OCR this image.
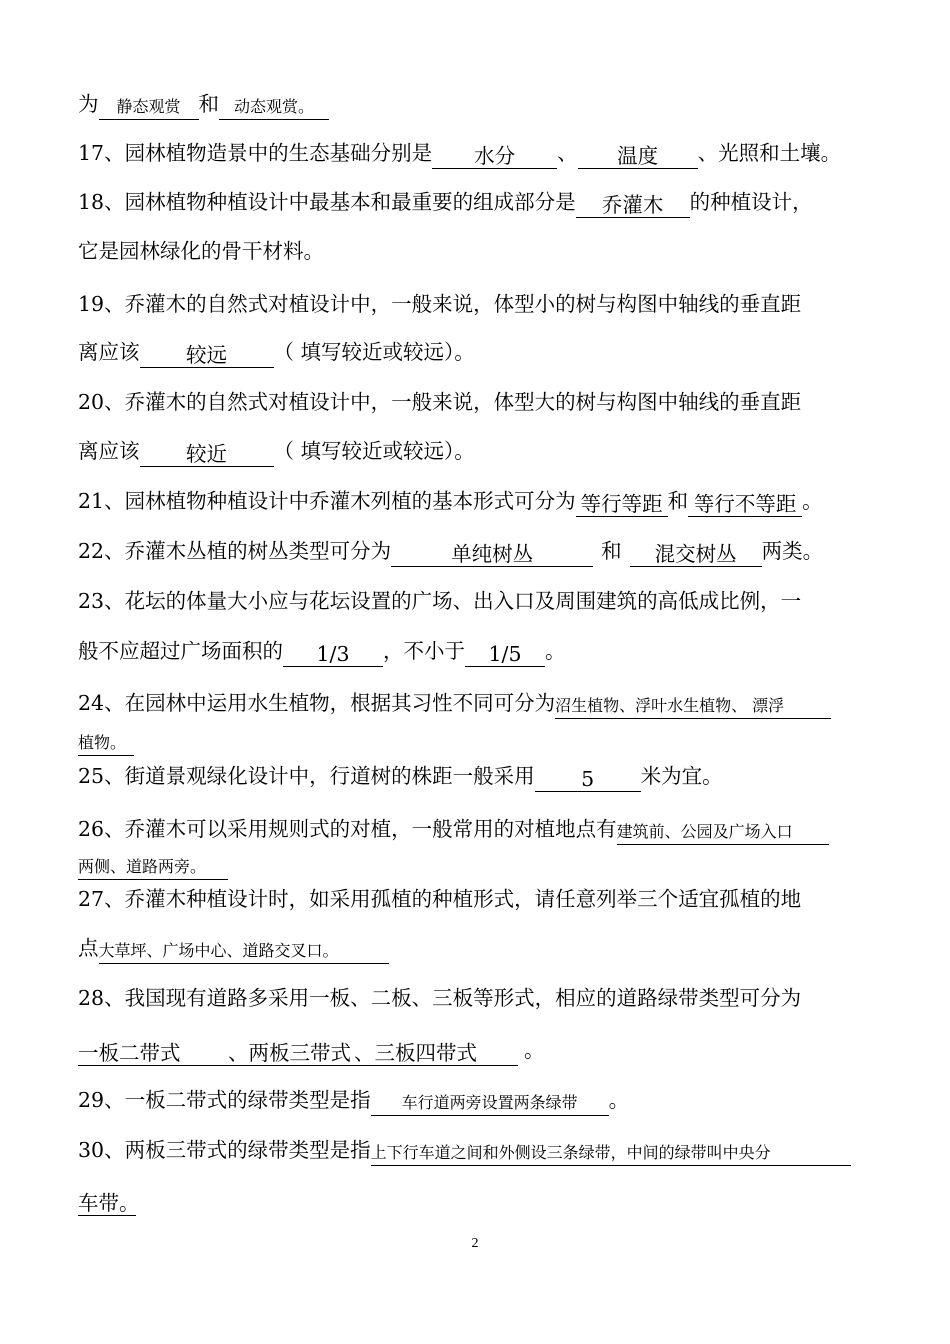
为 静态观赏 和 动态观赏。
17、园林植物造景中的生态基础分别是 水分 、 温度 、光照和土壤。
18、园林植物种植设计中最基本和最重要的组成部分是 乔灌木 的种植设计，
它是园林绿化的骨干材料。
19、乔灌木的自然式对植设计中，一般来说，体型小的树与构图中轴线的垂直距
离应该 较远 （ 填写较近或较远）。
20、乔灌木的自然式对植设计中，一般来说，体型大的树与构图中轴线的垂直距
离应该 较近 （ 填写较近或较远）。
21、园林植物种植设计中乔灌木列植的基本形式可分为 等行等距 和 等行不等距 。
22、乔灌木丛植的树丛类型可分为	单纯树丛	和 混交树丛 两类。
23、花坛的体量大小应与花坛设置的广场、出入口及周围建筑的高低成比例，一
般不应超过广场面积的 1/3 ，不小于 1/5 。
24、在园林中运用水生植物，根据其习性不同可分为沼生植物、浮叶水生植物、 漂浮
植物。
25、街道景观绿化设计中，行道树的株距一般采用 5 米为宜。
26、乔灌木可以采用规则式的对植，一般常用的对植地点有建筑前、公园及广场入口
两侧、道路两旁。
27、乔灌木种植设计时，如采用孤植的种植形式，请任意列举三个适宜孤植的地
点大草坪、广场中心、道路交叉口。
28、我国现有道路多采用一板、二板、三板等形式，相应的道路绿带类型可分为
一板二带式 、两板三带式 、三板四带式 。
29、一板二带式的绿带类型是指 车行道两旁设置两条绿带 。
30、两板三带式的绿带类型是指上下行车道之间和外侧设三条绿带，中间的绿带叫中央分
车带。
2
